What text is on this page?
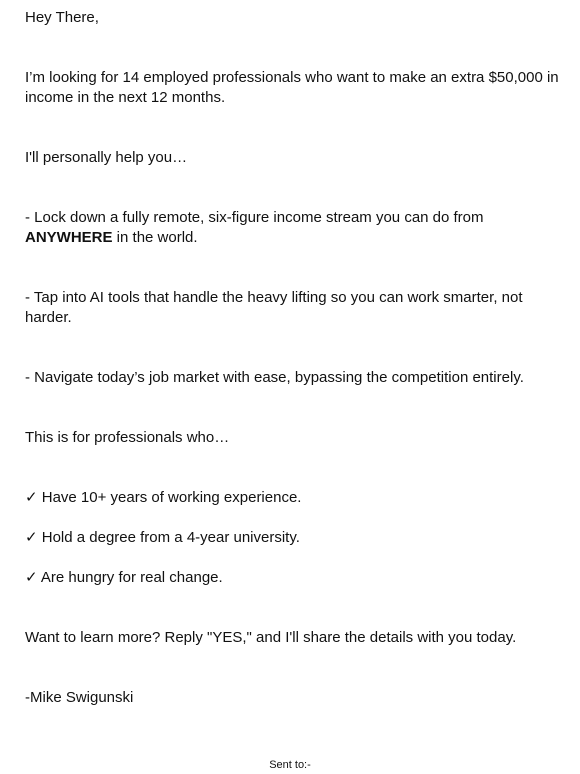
Hey There,

I’m looking for 14 employed professionals who want to make an extra $50,000 in income in the next 12 months.

I'll personally help you…

- Lock down a fully remote, six-figure income stream you can do from ANYWHERE in the world.

- Tap into AI tools that handle the heavy lifting so you can work smarter, not harder.

- Navigate today’s job market with ease, bypassing the competition entirely.

This is for professionals who…

✓ Have 10+ years of working experience.

✓ Hold a degree from a 4-year university.

✓ Are hungry for real change.

Want to learn more? Reply "YES," and I'll share the details with you today.

-Mike Swigunski

Sent to:-
